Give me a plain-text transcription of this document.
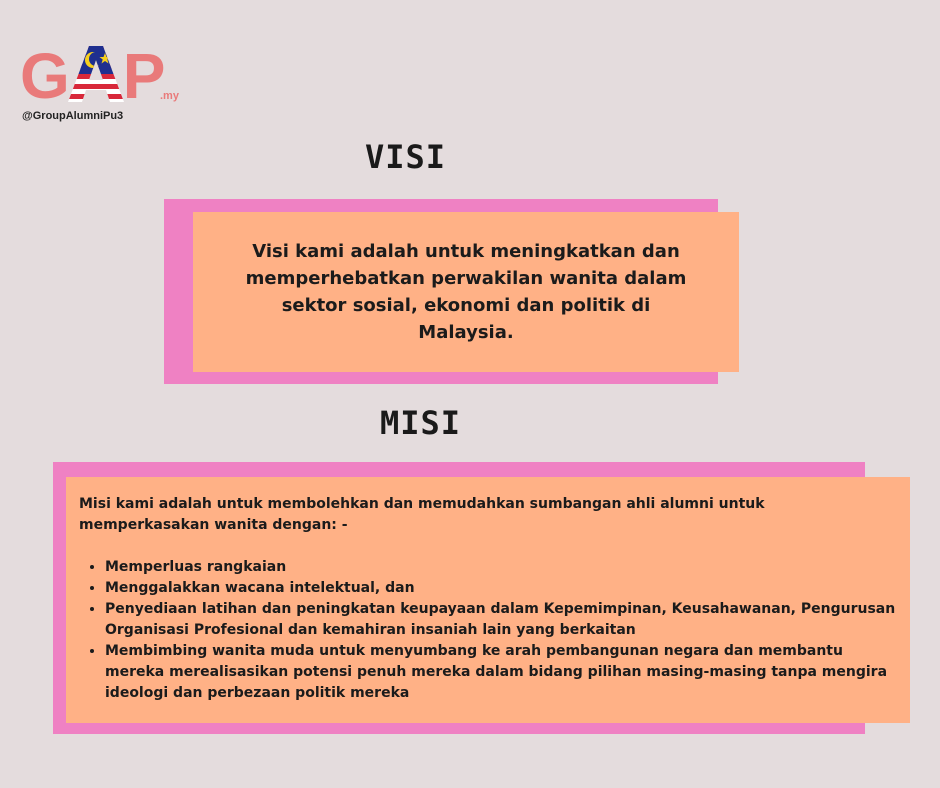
G P
.my
@GroupAlumniPu3
VISI
Visi kami adalah untuk meningkatkan dan memperhebatkan perwakilan wanita dalam sektor sosial, ekonomi dan politik di Malaysia.
MISI

Misi kami adalah untuk membolehkan dan memudahkan sumbangan ahli alumni untuk memperkasakan wanita dengan: -

• Memperluas rangkaian
• Menggalakkan wacana intelektual, dan
• Penyediaan latihan dan peningkatan keupayaan dalam Kepemimpinan, Keusahawanan, Pengurusan Organisasi Profesional dan kemahiran insaniah lain yang berkaitan
• Membimbing wanita muda untuk menyumbang ke arah pembangunan negara dan membantu mereka merealisasikan potensi penuh mereka dalam bidang pilihan masing-masing tanpa mengira ideologi dan perbezaan politik mereka
